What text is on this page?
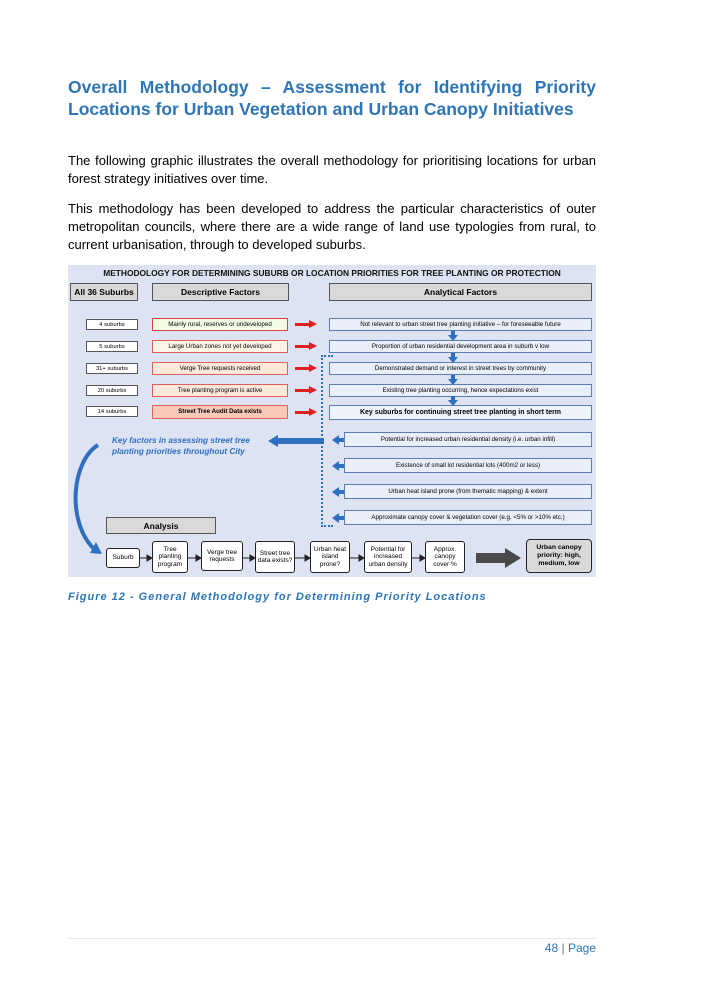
Overall Methodology – Assessment for Identifying Priority Locations for Urban Vegetation and Urban Canopy Initiatives
The following graphic illustrates the overall methodology for prioritising locations for urban forest strategy initiatives over time.
This methodology has been developed to address the particular characteristics of outer metropolitan councils, where there are a wide range of land use typologies from rural, to current urbanisation, through to developed suburbs.
METHODOLOGY FOR DETERMINING SUBURB OR LOCATION PRIORITIES FOR TREE PLANTING OR PROTECTION
All 36 Suburbs	Descriptive Factors	Analytical Factors
4 suburbs	Mainly rural, reserves or undeveloped	Not relevant to urban street tree planting initiative – for foreseeable future
5 suburbs	Large Urban zones not yet developed	Proportion of urban residential development area in suburb v low
31+ suburbs	Verge Tree requests received	Demonstrated demand or interest in street trees by community
20 suburbs	Tree planting program is active	Existing tree planting occurring, hence expectations exist
14 suburbs	Street Tree Audit Data exists	Key suburbs for continuing street tree planting in short term
Key factors in assessing street tree planting priorities throughout City
Potential for increased urban residential density (i.e. urban infill)
Existence of small lot residential lots (400m2 or less)
Urban heat island prone (from thematic mapping) & extent
Approximate canopy cover & vegetation cover (e.g. <5% or >10% etc.)
Analysis
Suburb
Tree planting program
Verge tree requests
Street tree data exists?
Urban heat island prone?
Potential for increased urban density
Approx. canopy cover %
Urban canopy priority: high, medium, low
Figure 12 - General Methodology for Determining Priority Locations
48 | Page
